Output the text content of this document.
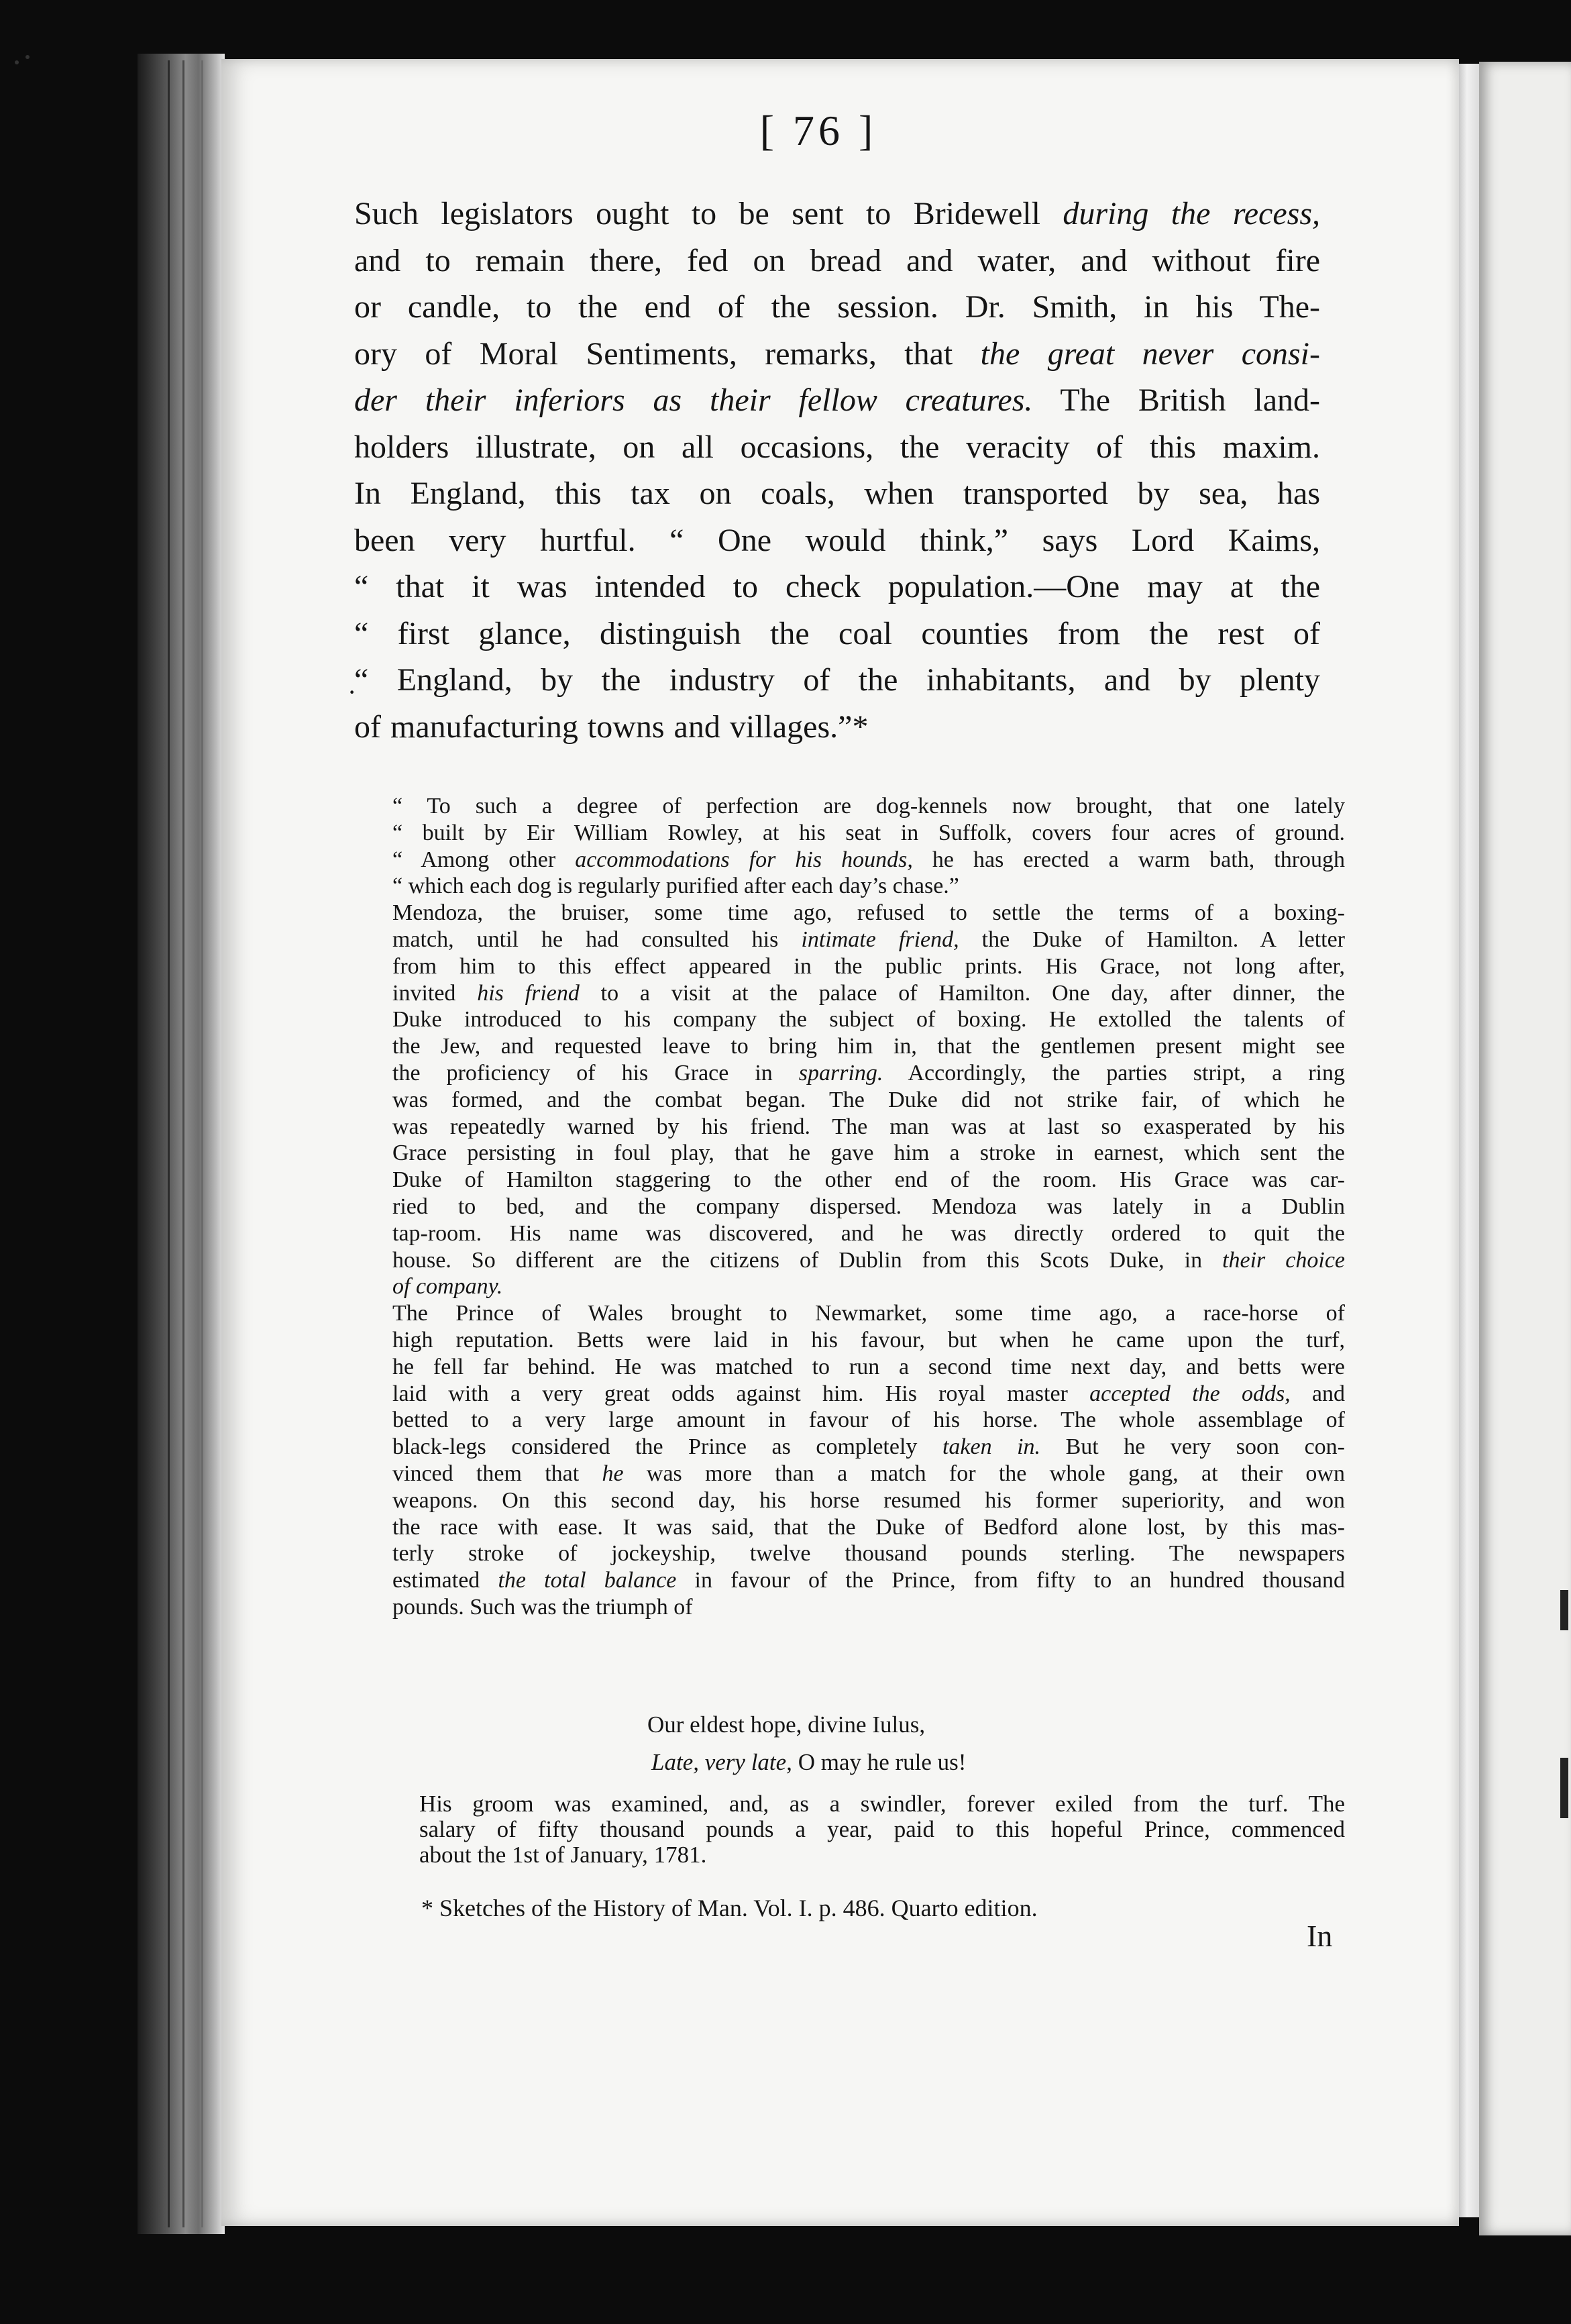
[ 76 ]
Such legislators ought to be sent to Bridewell during the recess,
and to remain there, fed on bread and water, and without fire
or candle, to the end of the session. Dr. Smith, in his The-
ory of Moral Sentiments, remarks, that the great never consi-
der their inferiors as their fellow creatures. The British land-
holders illustrate, on all occasions, the veracity of this maxim.
In England, this tax on coals, when transported by sea, has
been very hurtful. “ One would think,” says Lord Kaims,
“ that it was intended to check population.—One may at the
“ first glance, distinguish the coal counties from the rest of
“ England, by the industry of the inhabitants, and by plenty
of manufacturing towns and villages.”*
·
“ To such a degree of perfection are dog-kennels now brought, that one lately
“ built by Eir William Rowley, at his seat in Suffolk, covers four acres of ground.
“ Among other accommodations for his hounds, he has erected a warm bath, through
“ which each dog is regularly purified after each day’s chase.”
Mendoza, the bruiser, some time ago, refused to settle the terms of a boxing-
match, until he had consulted his intimate friend, the Duke of Hamilton. A letter
from him to this effect appeared in the public prints. His Grace, not long after,
invited his friend to a visit at the palace of Hamilton. One day, after dinner, the
Duke introduced to his company the subject of boxing. He extolled the talents of
the Jew, and requested leave to bring him in, that the gentlemen present might see
the proficiency of his Grace in sparring. Accordingly, the parties stript, a ring
was formed, and the combat began. The Duke did not strike fair, of which he
was repeatedly warned by his friend. The man was at last so exasperated by his
Grace persisting in foul play, that he gave him a stroke in earnest, which sent the
Duke of Hamilton staggering to the other end of the room. His Grace was car-
ried to bed, and the company dispersed. Mendoza was lately in a Dublin
tap-room. His name was discovered, and he was directly ordered to quit the
house. So different are the citizens of Dublin from this Scots Duke, in their choice
of company.
The Prince of Wales brought to Newmarket, some time ago, a race-horse of
high reputation. Betts were laid in his favour, but when he came upon the turf,
he fell far behind. He was matched to run a second time next day, and betts were
laid with a very great odds against him. His royal master accepted the odds, and
betted to a very large amount in favour of his horse. The whole assemblage of
black-legs considered the Prince as completely taken in. But he very soon con-
vinced them that he was more than a match for the whole gang, at their own
weapons. On this second day, his horse resumed his former superiority, and won
the race with ease. It was said, that the Duke of Bedford alone lost, by this mas-
terly stroke of jockeyship, twelve thousand pounds sterling. The newspapers
estimated the total balance in favour of the Prince, from fifty to an hundred thousand
pounds. Such was the triumph of
Our eldest hope, divine Iulus,
Late, very late, O may he rule us!
His groom was examined, and, as a swindler, forever exiled from the turf. The
salary of fifty thousand pounds a year, paid to this hopeful Prince, commenced
about the 1st of January, 1781.
* Sketches of the History of Man. Vol. I. p. 486. Quarto edition.
In
